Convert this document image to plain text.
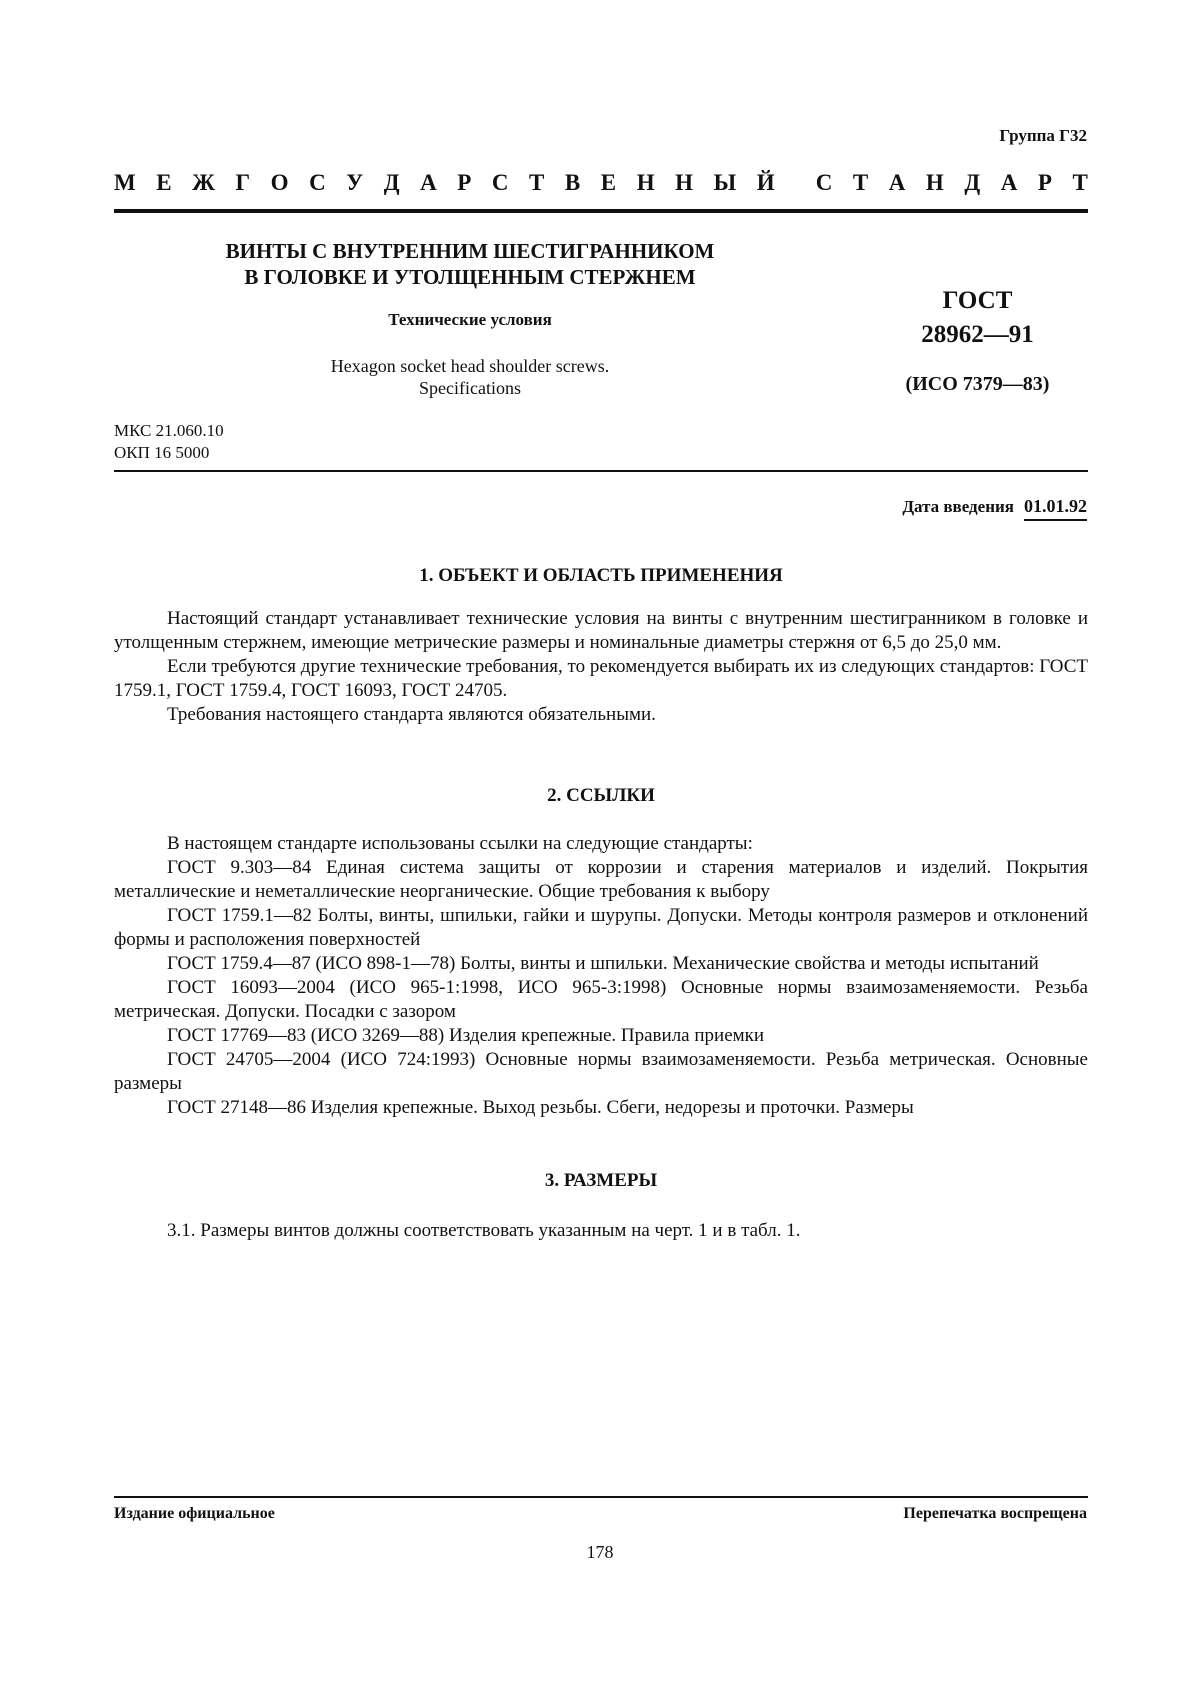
Группа Г32
М Е Ж Г О С У Д А Р С Т В Е Н Н Ы Й С Т А Н Д А Р Т
ВИНТЫ С ВНУТРЕННИМ ШЕСТИГРАННИКОМ
В ГОЛОВКЕ И УТОЛЩЕННЫМ СТЕРЖНЕМ
Технические условия
Hexagon socket head shoulder screws.
Specifications
ГОСТ
28962—91
(ИСО 7379—83)
МКС 21.060.10
ОКП 16 5000
Дата введения 01.01.92
1. ОБЪЕКТ И ОБЛАСТЬ ПРИМЕНЕНИЯ

Настоящий стандарт устанавливает технические условия на винты с внутренним шестигранником в головке и утолщенным стержнем, имеющие метрические размеры и номинальные диаметры стержня от 6,5 до 25,0 мм.

Если требуются другие технические требования, то рекомендуется выбирать их из следующих стандартов: ГОСТ 1759.1, ГОСТ 1759.4, ГОСТ 16093, ГОСТ 24705.

Требования настоящего стандарта являются обязательными.

2. ССЫЛКИ

В настоящем стандарте использованы ссылки на следующие стандарты:

ГОСТ 9.303—84 Единая система защиты от коррозии и старения материалов и изделий. Покрытия металлические и неметаллические неорганические. Общие требования к выбору

ГОСТ 1759.1—82 Болты, винты, шпильки, гайки и шурупы. Допуски. Методы контроля размеров и отклонений формы и расположения поверхностей

ГОСТ 1759.4—87 (ИСО 898-1—78) Болты, винты и шпильки. Механические свойства и методы испытаний

ГОСТ 16093—2004 (ИСО 965-1:1998, ИСО 965-3:1998) Основные нормы взаимозаменяемости. Резьба метрическая. Допуски. Посадки с зазором

ГОСТ 17769—83 (ИСО 3269—88) Изделия крепежные. Правила приемки

ГОСТ 24705—2004 (ИСО 724:1993) Основные нормы взаимозаменяемости. Резьба метрическая. Основные размеры

ГОСТ 27148—86 Изделия крепежные. Выход резьбы. Сбеги, недорезы и проточки. Размеры

3. РАЗМЕРЫ

3.1. Размеры винтов должны соответствовать указанным на черт. 1 и в табл. 1.

Издание официальное	Перепечатка воспрещена
178
